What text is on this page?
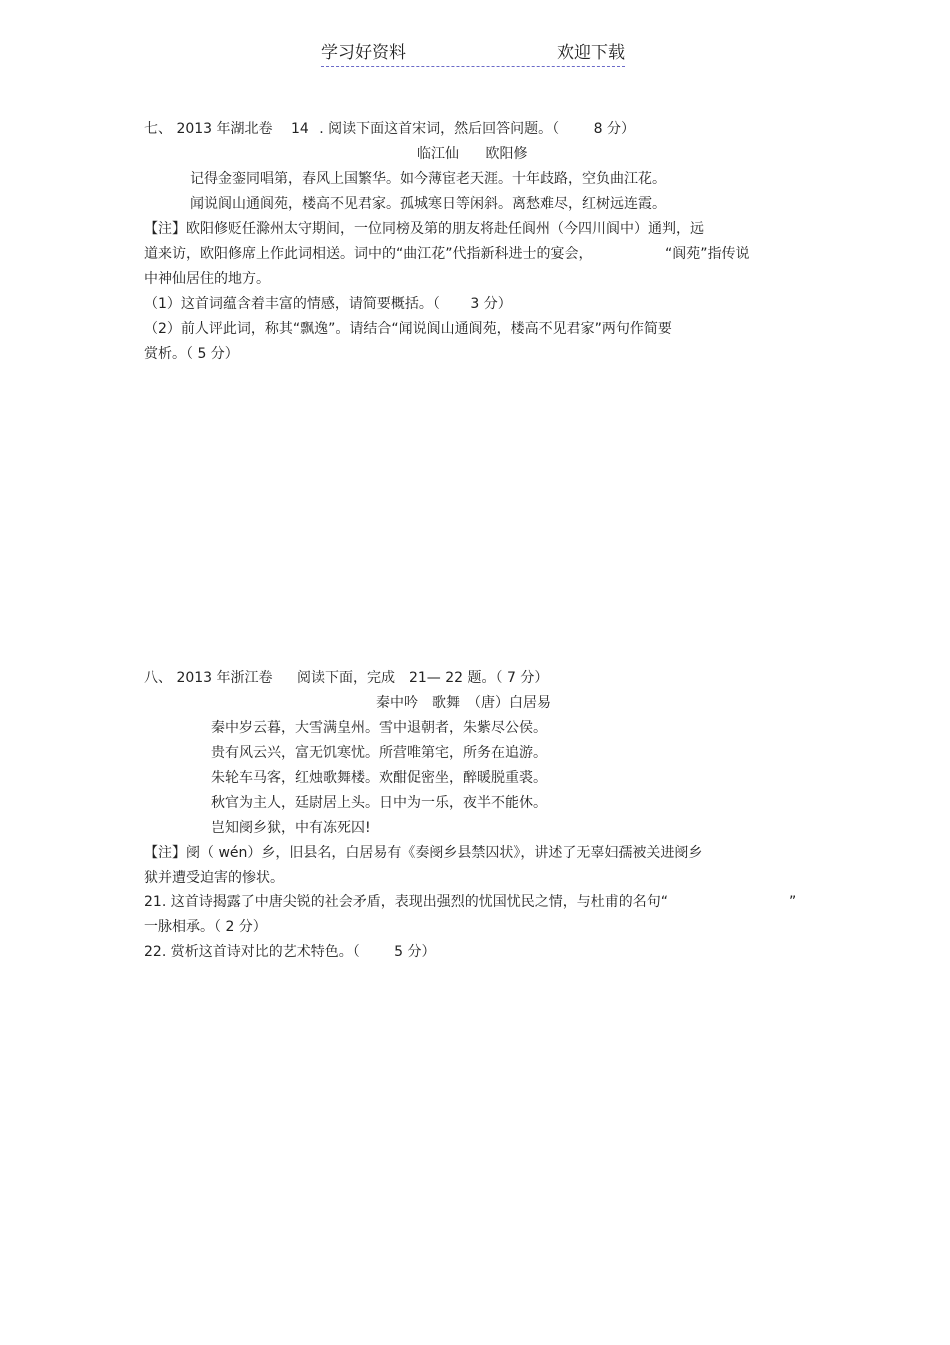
学习好资料	欢迎下载
七、 2013 年湖北卷 14 . 阅读下面这首宋词，然后回答问题。（ 8 分）
临江仙 欧阳修
记得金銮同唱第，春风上国繁华。如今薄宦老天涯。十年歧路，空负曲江花。
闻说阆山通阆苑，楼高不见君家。孤城寒日等闲斜。离愁难尽，红树远连霞。
【注】欧阳修贬任滁州太守期间，一位同榜及第的朋友将赴任阆州（今四川阆中）通判，远
道来访，欧阳修席上作此词相送。词中的“曲江花”代指新科进士的宴会，	“阆苑”指传说
中神仙居住的地方。
（1）这首词蕴含着丰富的情感，请简要概括。（ 3 分）
（2）前人评此词，称其“飘逸”。请结合“闻说阆山通阆苑，楼高不见君家”两句作简要
赏析。（ 5 分）
八、 2013 年浙江卷 阅读下面，完成　21— 22 题。（ 7 分）
秦中吟　歌舞　（唐）白居易
秦中岁云暮，大雪满皇州。雪中退朝者，朱紫尽公侯。
贵有风云兴，富无饥寒忧。所营唯第宅，所务在追游。
朱轮车马客，红烛歌舞楼。欢酣促密坐，醉暖脱重裘。
秋官为主人，廷尉居上头。日中为一乐，夜半不能休。
岂知阌乡狱，中有冻死囚!
【注】阌（ wén）乡，旧县名，白居易有《奏阌乡县禁囚状》，讲述了无辜妇孺被关进阌乡
狱并遭受迫害的惨状。
21. 这首诗揭露了中唐尖锐的社会矛盾，表现出强烈的忧国忧民之情，与杜甫的名句“	”
一脉相承。（ 2 分）
22. 赏析这首诗对比的艺术特色。（ 5 分）
